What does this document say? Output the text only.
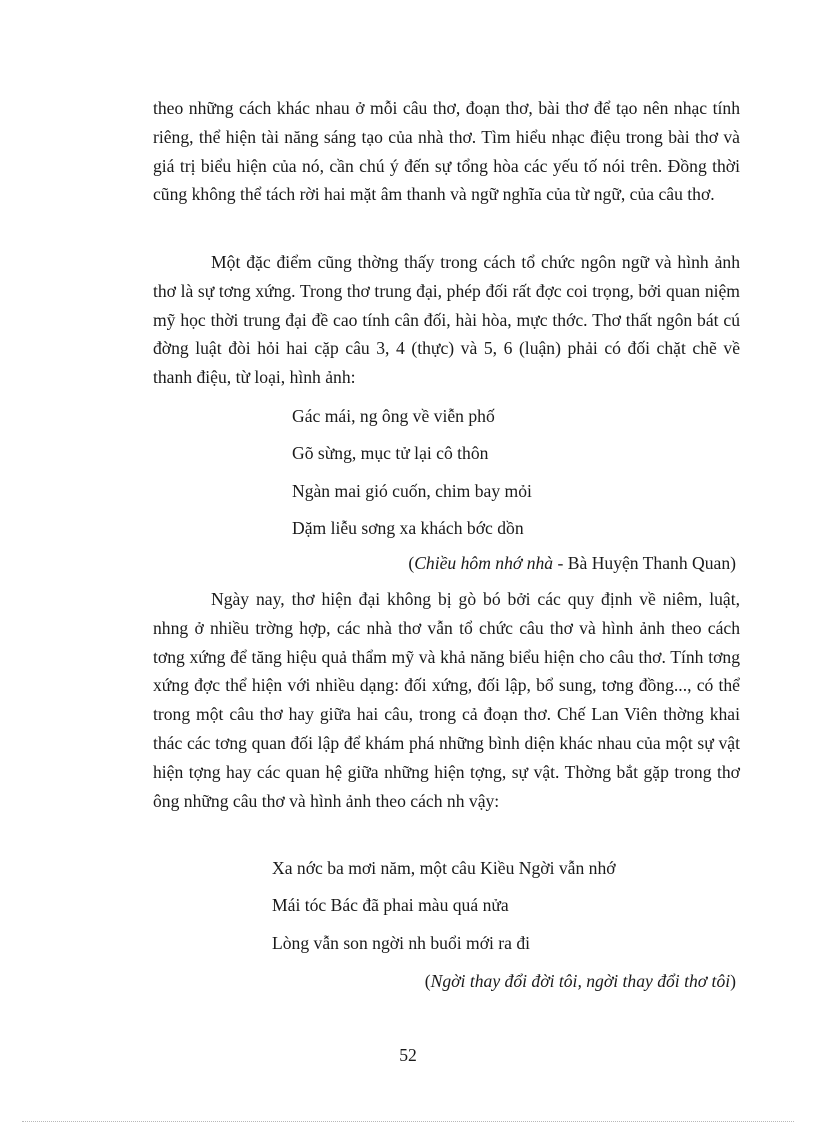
theo những cách khác nhau ở mỗi câu thơ, đoạn thơ, bài thơ để tạo nên nhạc tính riêng, thể hiện tài năng sáng tạo của nhà thơ. Tìm hiểu nhạc điệu trong bài thơ và giá trị biểu hiện của nó, cần chú ý đến sự tổng hòa các yếu tố nói trên. Đồng thời cũng không thể tách rời hai mặt âm thanh và ngữ nghĩa của từ ngữ, của câu thơ.

Một đặc điểm cũng thờng thấy trong cách tổ chức ngôn ngữ và hình ảnh thơ là sự tơng xứng. Trong thơ trung đại, phép đối rất đợc coi trọng, bởi quan niệm mỹ học thời trung đại đề cao tính cân đối, hài hòa, mực thớc. Thơ thất ngôn bát cú đờng luật đòi hỏi hai cặp câu 3, 4 (thực) và 5, 6 (luận) phải có đối chặt chẽ về thanh điệu, từ loại, hình ảnh:

Gác mái, ng ông về viễn phố
Gõ sừng, mục tử lại cô thôn
Ngàn mai gió cuốn, chim bay mỏi
Dặm liễu sơng xa khách bớc dồn

(Chiều hôm nhớ nhà - Bà Huyện Thanh Quan)

Ngày nay, thơ hiện đại không bị gò bó bởi các quy định về niêm, luật, nhng ở nhiều trờng hợp, các nhà thơ vẫn tổ chức câu thơ và hình ảnh theo cách tơng xứng để tăng hiệu quả thẩm mỹ và khả năng biểu hiện cho câu thơ. Tính tơng xứng đợc thể hiện với nhiều dạng: đối xứng, đối lập, bổ sung, tơng đồng..., có thể trong một câu thơ hay giữa hai câu, trong cả đoạn thơ. Chế Lan Viên thờng khai thác các tơng quan đối lập để khám phá những bình diện khác nhau của một sự vật hiện tợng hay các quan hệ giữa những hiện tợng, sự vật. Thờng bắt gặp trong thơ ông những câu thơ và hình ảnh theo cách nh vậy:

Xa nớc ba mơi năm, một câu Kiều Ngời vẫn nhớ
Mái tóc Bác đã phai màu quá nửa
Lòng vẫn son ngời nh buổi mới ra đi

(Ngời thay đổi đời tôi, ngời thay đổi thơ tôi)

52
